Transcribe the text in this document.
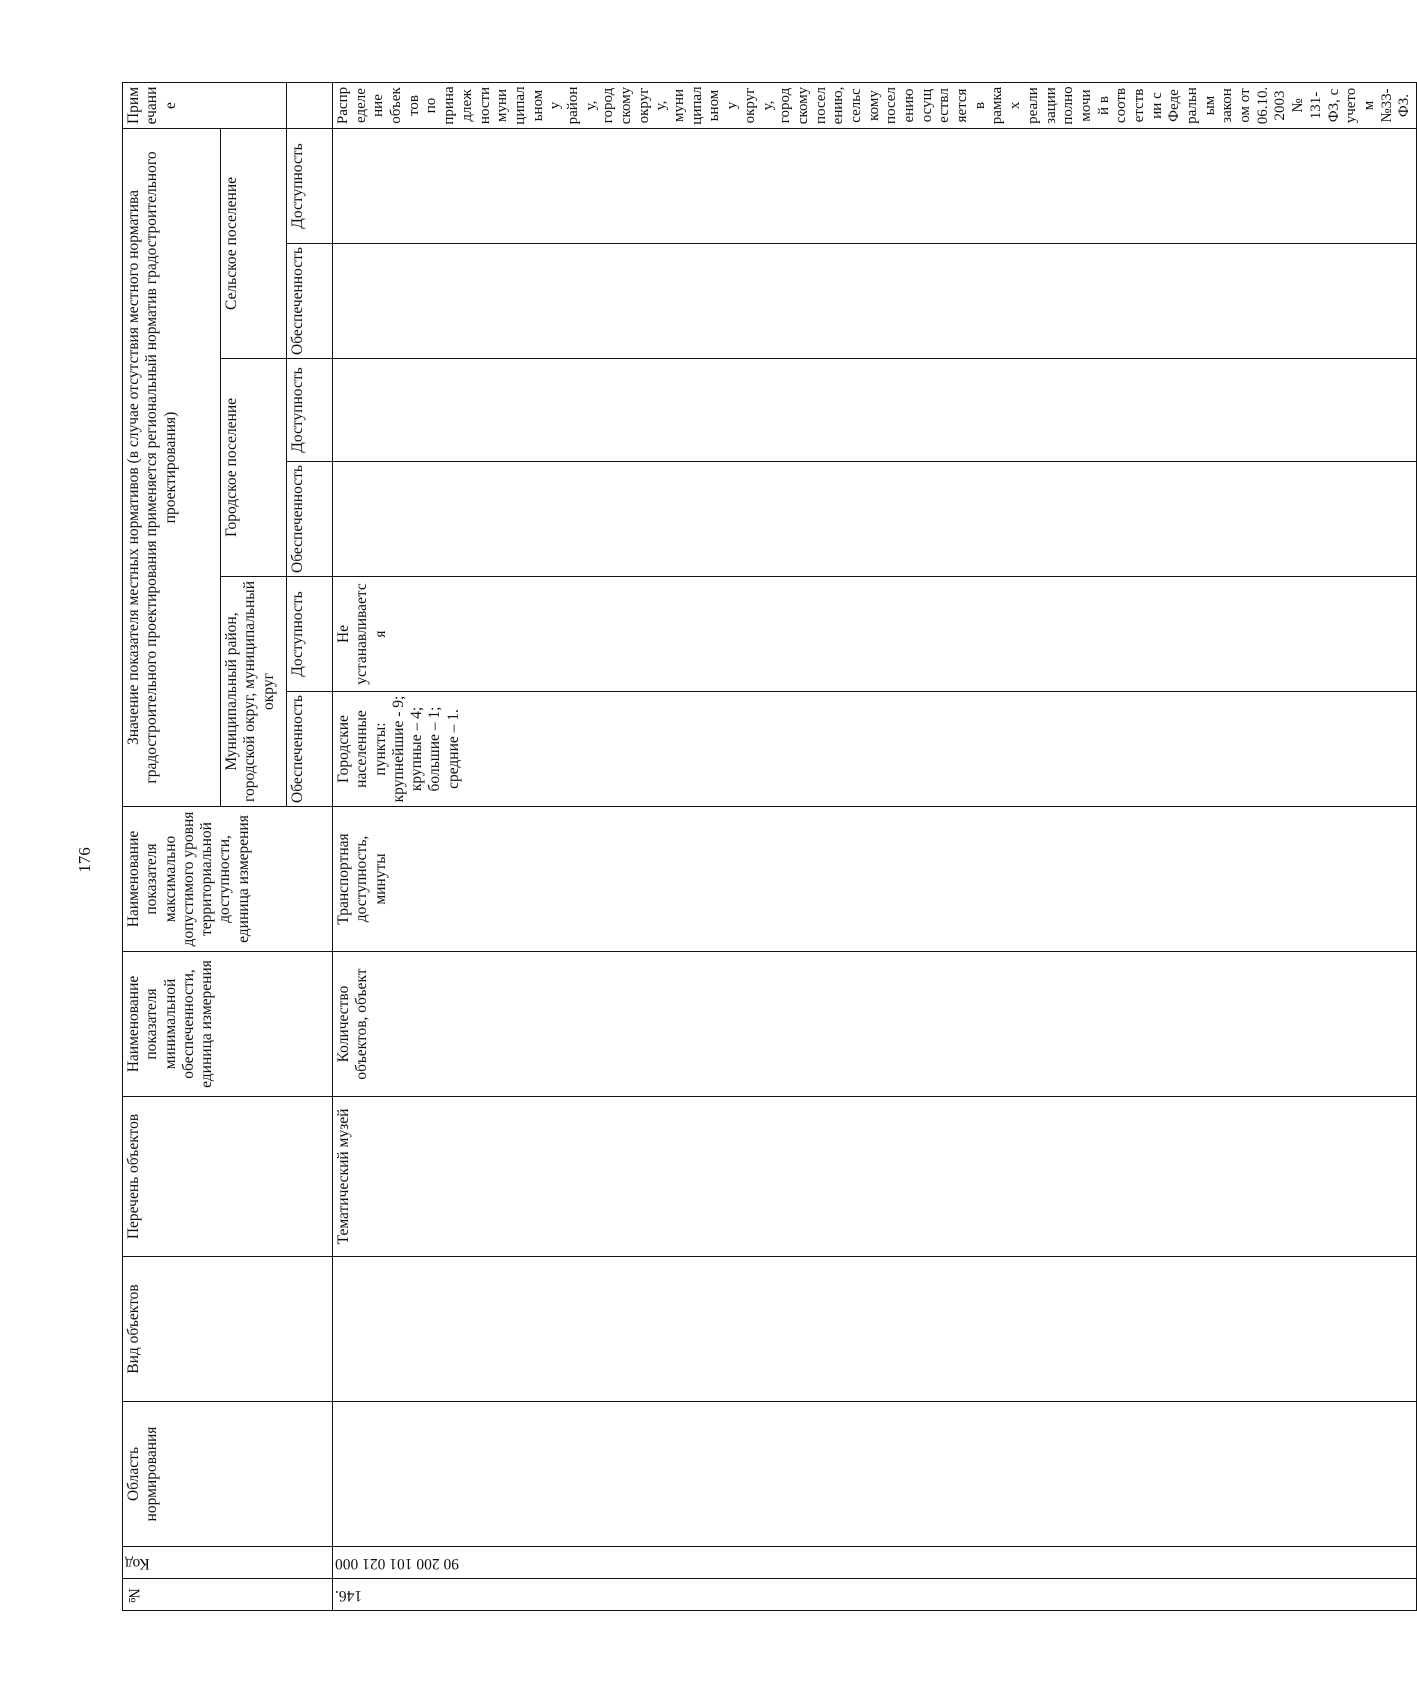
176
№	Код	Область нормирования	Вид объектов	Перечень объектов	Наименование показателя минимальной обеспеченности, единица измерения	Наименование показателя максимально допустимого уровня территориальной доступности, единица измерения	Значение показателя местных нормативов (в случае отсутствия местного норматива градостроительного проектирования применяется региональный норматив градостроительного проектирования)						Примечание
							Муниципальный район, городской округ, муниципальный округ		Городское поселение		Сельское поселение		
							Обеспеченность	Доступность	Обеспеченность	Доступность	Обеспеченность	Доступность	
146.	90 200 101 021 000			Тематический музей	Количество объектов, объект	Транспортная доступность, минуты	Городские населенные пункты: крупнейшие - 9; крупные – 4; большие – 1; средние – 1.	Не устанавливается					Распределение объектов по принадлежности муниципальному району, городскому округу, муниципальному округу, городскому поселению, сельскому поселению осуществляется в рамках реализации полномочий в соответствии с Федеральным законом от 06.10.2003 № 131-ФЗ, с учетом №33-ФЗ.
